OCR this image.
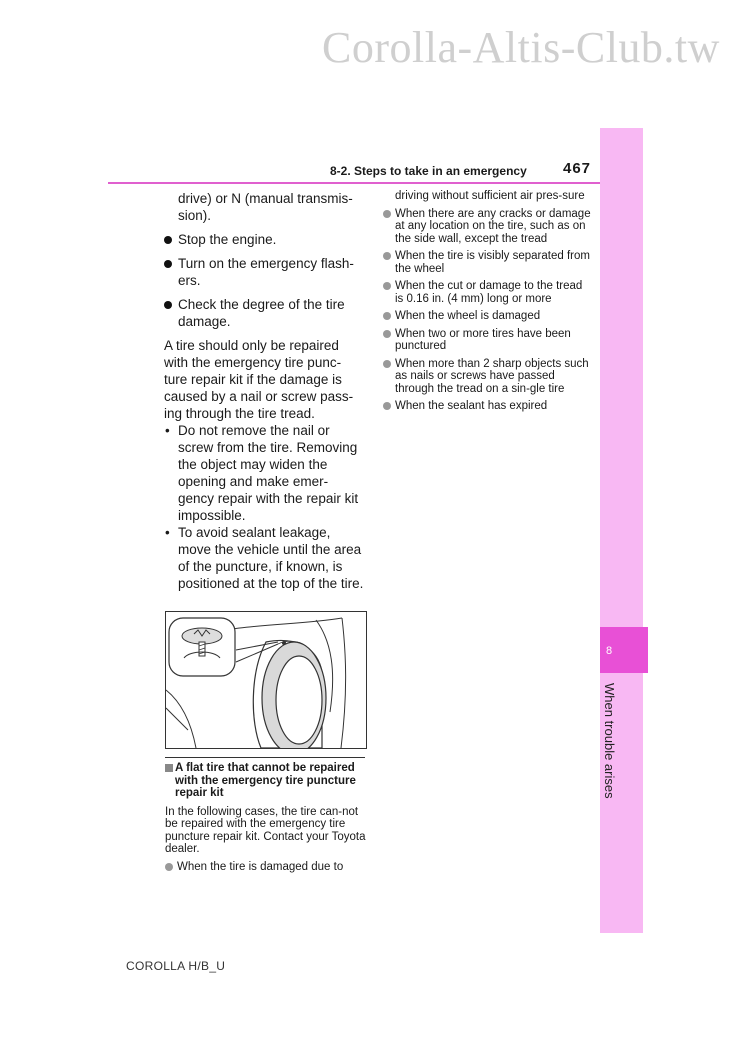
Corolla-Altis-Club.tw
8
When trouble arises
8-2. Steps to take in an emergency 467

drive) or N (manual transmis-sion).

Stop the engine.
Turn on the emergency flash-ers.
Check the degree of the tire damage.

A tire should only be repaired with the emergency tire punc-ture repair kit if the damage is caused by a nail or screw pass-ing through the tire tread.

• Do not remove the nail or screw from the tire. Removing the object may widen the opening and make emer-gency repair with the repair kit impossible.
• To avoid sealant leakage, move the vehicle until the area of the puncture, if known, is positioned at the top of the tire.
A flat tire that cannot be repaired with the emergency tire puncture repair kit

In the following cases, the tire can-not be repaired with the emergency tire puncture repair kit. Contact your Toyota dealer.

When the tire is damaged due to

driving without sufficient air pres-sure

When there are any cracks or damage at any location on the tire, such as on the side wall, except the tread
When the tire is visibly separated from the wheel
When the cut or damage to the tread is 0.16 in. (4 mm) long or more
When the wheel is damaged
When two or more tires have been punctured
When more than 2 sharp objects such as nails or screws have passed through the tread on a sin-gle tire
When the sealant has expired
COROLLA H/B_U
